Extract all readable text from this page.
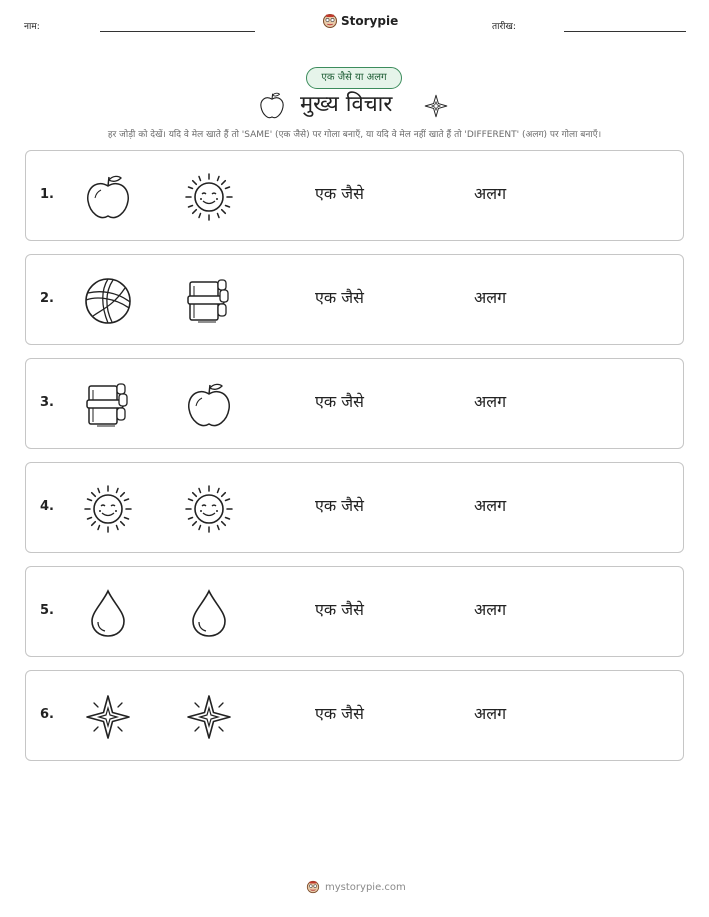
नाम:	Storypie	तारीख:
एक जैसे या अलग
मुख्य विचार
हर जोड़ी को देखें। यदि वे मेल खाते हैं तो 'SAME' (एक जैसे) पर गोला बनाएँ, या यदि वे मेल नहीं खाते हैं तो 'DIFFERENT' (अलग) पर गोला बनाएँ।
1.	एक जैसे	अलग
2.	एक जैसे	अलग
3.	एक जैसे	अलग
4.	एक जैसे	अलग
5.	एक जैसे	अलग
6.	एक जैसे	अलग
mystorypie.com
